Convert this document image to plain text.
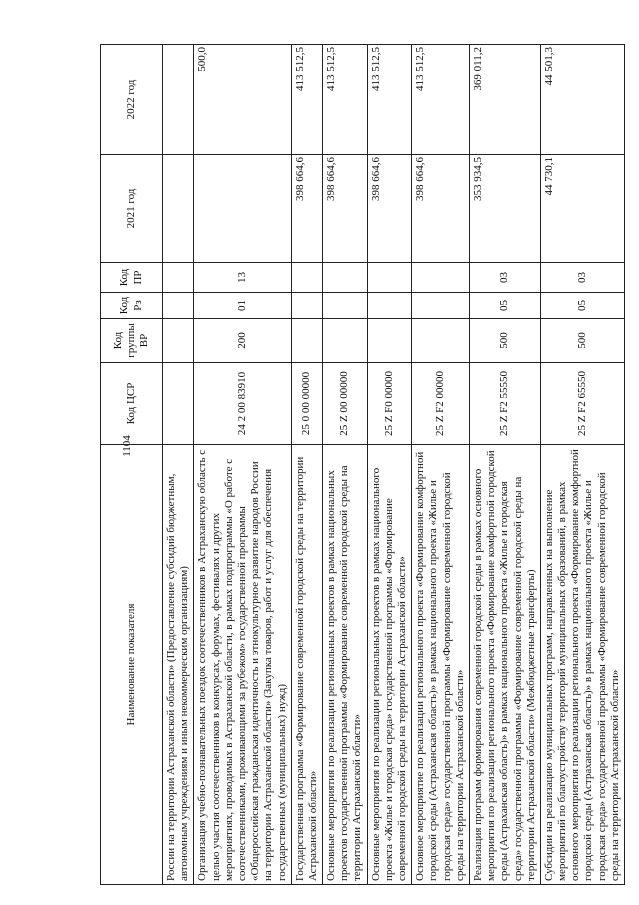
1104
Наименование показателя	Код ЦСР	Код группы ВР	Код Рз	Код ПР	2021 год	2022 год
России на территории Астраханской области» (Предоставление субсидий бюджетным, автономным учреждениям и иным некоммерческим организациям)						
Организация учебно-познавательных поездок соотечественников в Астраханскую область с целью участия соотечественников в конкурсах, форумах, фестивалях и других мероприятиях, проводимых в Астраханской области, в рамках подпрограммы «О работе с соотечественниками, проживающими за рубежом» государственной программы «Общероссийская гражданская идентичность и этнокультурное развитие народов России на территории Астраханской области» (Закупка товаров, работ и услуг для обеспечения государственных (муниципальных) нужд)	24 2 00 83910	200	01	13		500,0
Государственная программа «Формирование современной городской среды на территории Астраханской области»	25 0 00 00000				398 664,6	413 512,5
Основные мероприятия по реализации региональных проектов в рамках национальных проектов государственной программы «Формирование современной городской среды на территории Астраханской области»	25 Z 00 00000				398 664,6	413 512,5
Основные мероприятия по реализации региональных проектов в рамках национального проекта «Жилье и городская среда» государственной программы «Формирование современной городской среды на территории Астраханской области»	25 Z F0 00000				398 664,6	413 512,5
Основное мероприятие по реализации регионального проекта «Формирование комфортной городской среды (Астраханская область)» в рамках национального проекта «Жилье и городская среда» государственной программы «Формирование современной городской среды на территории Астраханской области»	25 Z F2 00000				398 664,6	413 512,5
Реализация программ формирования современной городской среды в рамках основного мероприятия по реализации регионального проекта «Формирование комфортной городской среды (Астраханская область)» в рамках национального проекта «Жилье и городская среда» государственной программы «Формирование современной городской среды на территории Астраханской области» (Межбюджетные трансферты)	25 Z F2 55550	500	05	03	353 934,5	369 011,2
Субсидии на реализацию муниципальных программ, направленных на выполнение мероприятий по благоустройству территорий муниципальных образований, в рамках основного мероприятия по реализации регионального проекта «Формирование комфортной городской среды (Астраханская область)» в рамках национального проекта «Жилье и городская среда» государственной программы «Формирование современной городской среды на территории Астраханской области»	25 Z F2 65550	500	05	03	44 730,1	44 501,3
